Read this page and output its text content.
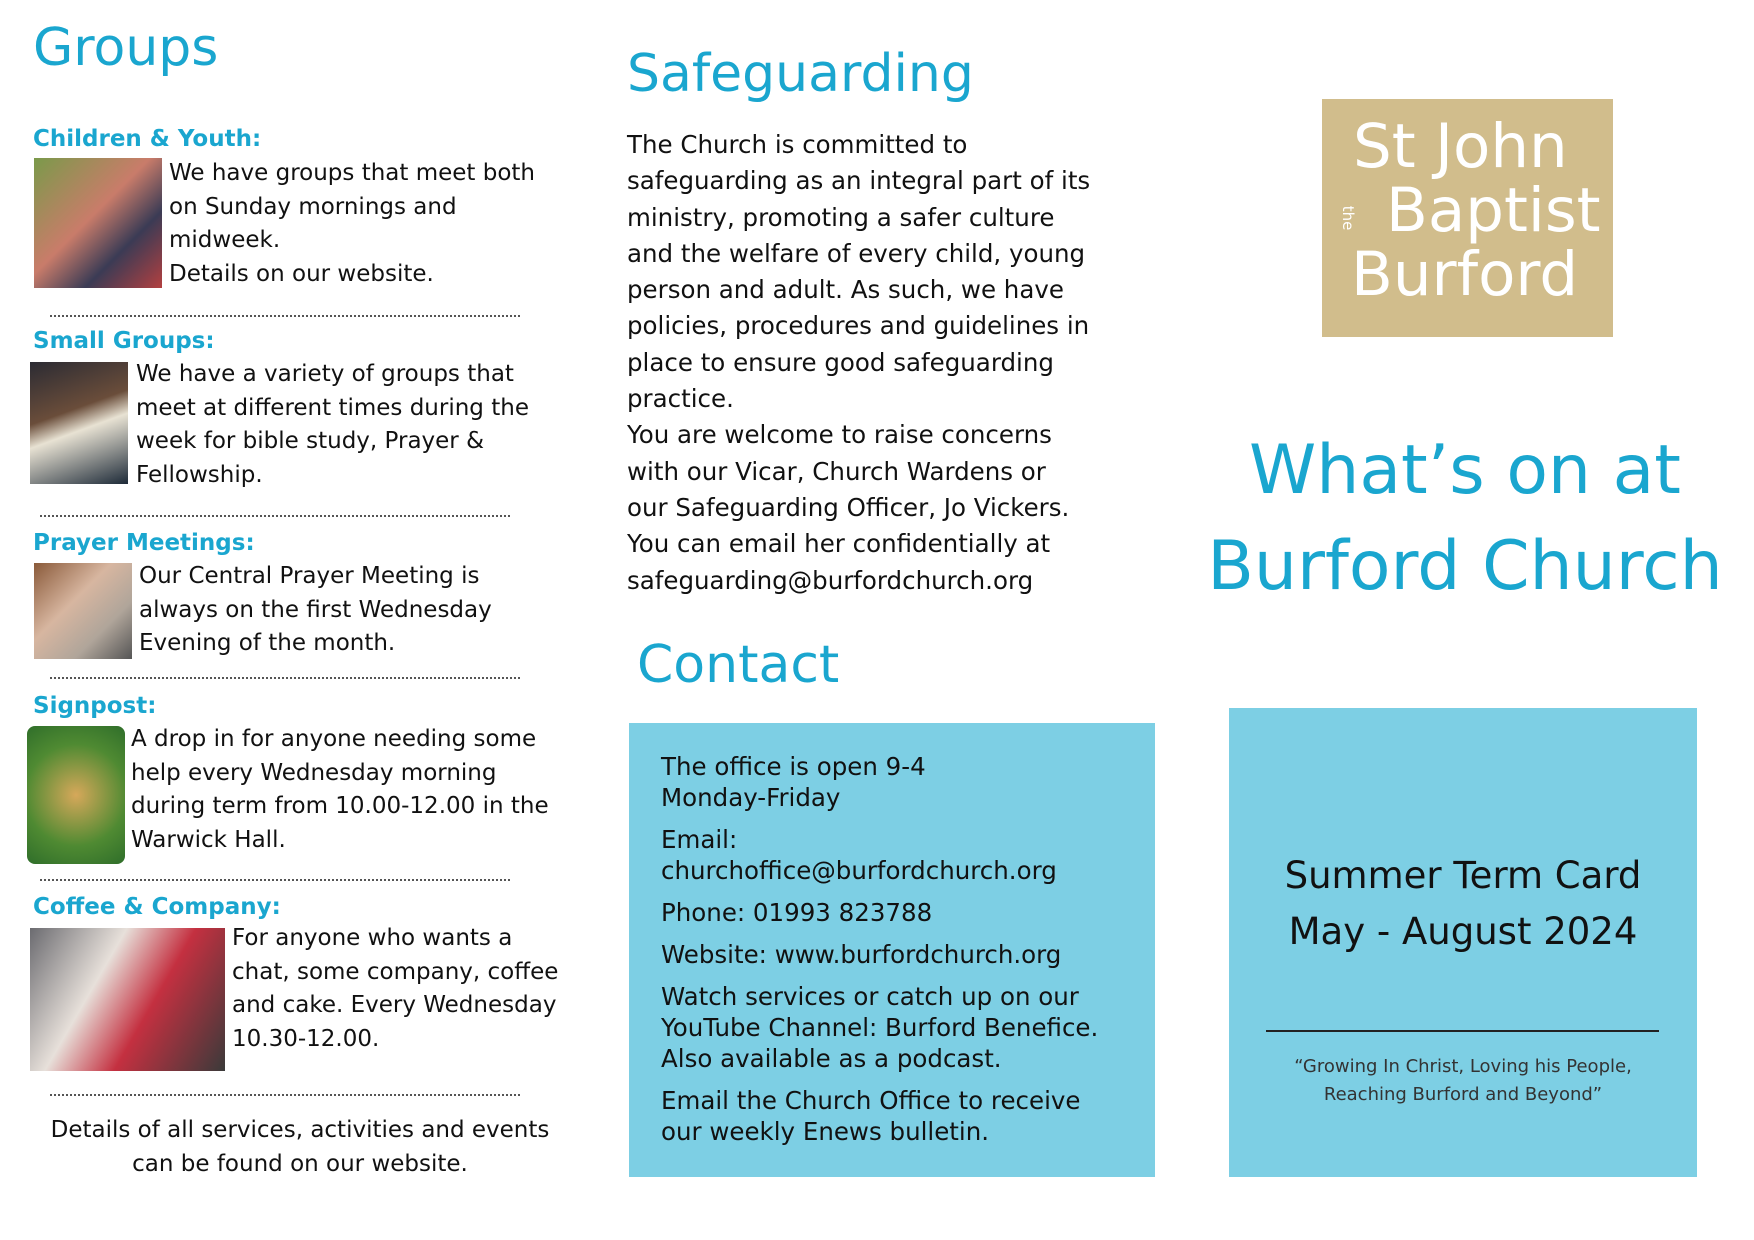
Groups
Children & Youth:
We have groups that meet both
on Sunday mornings and
midweek.
Details on our website.
Small Groups:
We have a variety of groups that
meet at different times during the
week for bible study, Prayer &
Fellowship.
Prayer Meetings:
Our Central Prayer Meeting is
always on the first Wednesday
Evening of the month.
Signpost:
A drop in for anyone needing some
help every Wednesday morning
during term from 10.00-12.00 in the
Warwick Hall.
Coffee & Company:
For anyone who wants a
chat, some company, coffee
and cake. Every Wednesday
10.30-12.00.
Details of all services, activities and events
can be found on our website.
Safeguarding
The Church is committed to
safeguarding as an integral part of its
ministry, promoting a safer culture
and the welfare of every child, young
person and adult. As such, we have
policies, procedures and guidelines in
place to ensure good safeguarding
practice.
You are welcome to raise concerns
with our Vicar, Church Wardens or
our Safeguarding Officer, Jo Vickers.
You can email her confidentially at
safeguarding@burfordchurch.org
Contact
The office is open 9-4
Monday-Friday
Email:
churchoffice@burfordchurch.org
Phone: 01993 823788
Website: www.burfordchurch.org
Watch services or catch up on our
YouTube Channel: Burford Benefice.
Also available as a podcast.
Email the Church Office to receive
our weekly Enews bulletin.
St John
the Baptist
Burford
What’s on at
Burford Church
Summer Term Card
May - August 2024
“Growing In Christ, Loving his People,
Reaching Burford and Beyond”
